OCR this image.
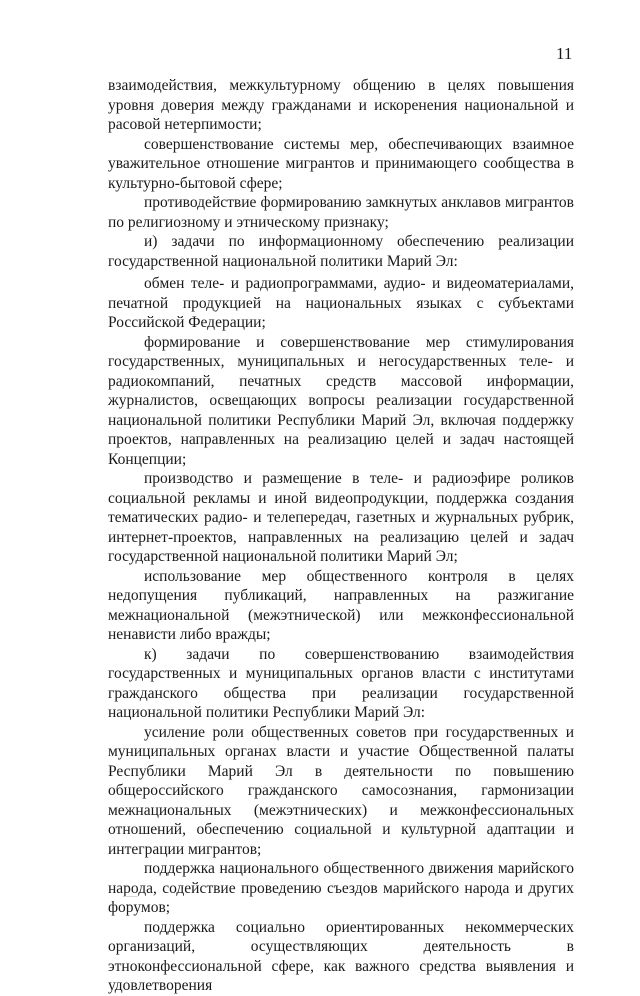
11

взаимодействия, межкультурному общению в целях повышения уровня доверия между гражданами и искоренения национальной и расовой нетерпимости;

совершенствование системы мер, обеспечивающих взаимное уважительное отношение мигрантов и принимающего сообщества в культурно-бытовой сфере;

противодействие формированию замкнутых анклавов мигрантов по религиозному и этническому признаку;

и) задачи по информационному обеспечению реализации государственной национальной политики Марий Эл:

обмен теле- и радиопрограммами, аудио- и видеоматериалами, печатной продукцией на национальных языках с субъектами Российской Федерации;

формирование и совершенствование мер стимулирования государственных, муниципальных и негосударственных теле- и радиокомпаний, печатных средств массовой информации, журналистов, освещающих вопросы реализации государственной национальной политики Республики Марий Эл, включая поддержку проектов, направленных на реализацию целей и задач настоящей Концепции;

производство и размещение в теле- и радиоэфире роликов социальной рекламы и иной видеопродукции, поддержка создания тематических радио- и телепередач, газетных и журнальных рубрик, интернет-проектов, направленных на реализацию целей и задач государственной национальной политики Марий Эл;

использование мер общественного контроля в целях недопущения публикаций, направленных на разжигание межнациональной (межэтнической) или межконфессиональной ненависти либо вражды;

к) задачи по совершенствованию взаимодействия государственных и муниципальных органов власти с институтами гражданского общества при реализации государственной национальной политики Республики Марий Эл:

усиление роли общественных советов при государственных и муниципальных органах власти и участие Общественной палаты Республики Марий Эл в деятельности по повышению общероссийского гражданского самосознания, гармонизации межнациональных (межэтнических) и межконфессиональных отношений, обеспечению социальной и культурной адаптации и интеграции мигрантов;

поддержка национального общественного движения марийского народа, содействие проведению съездов марийского народа и других форумов;

поддержка социально ориентированных некоммерческих организаций, осуществляющих деятельность в этноконфессиональной сфере, как важного средства выявления и удовлетворения
